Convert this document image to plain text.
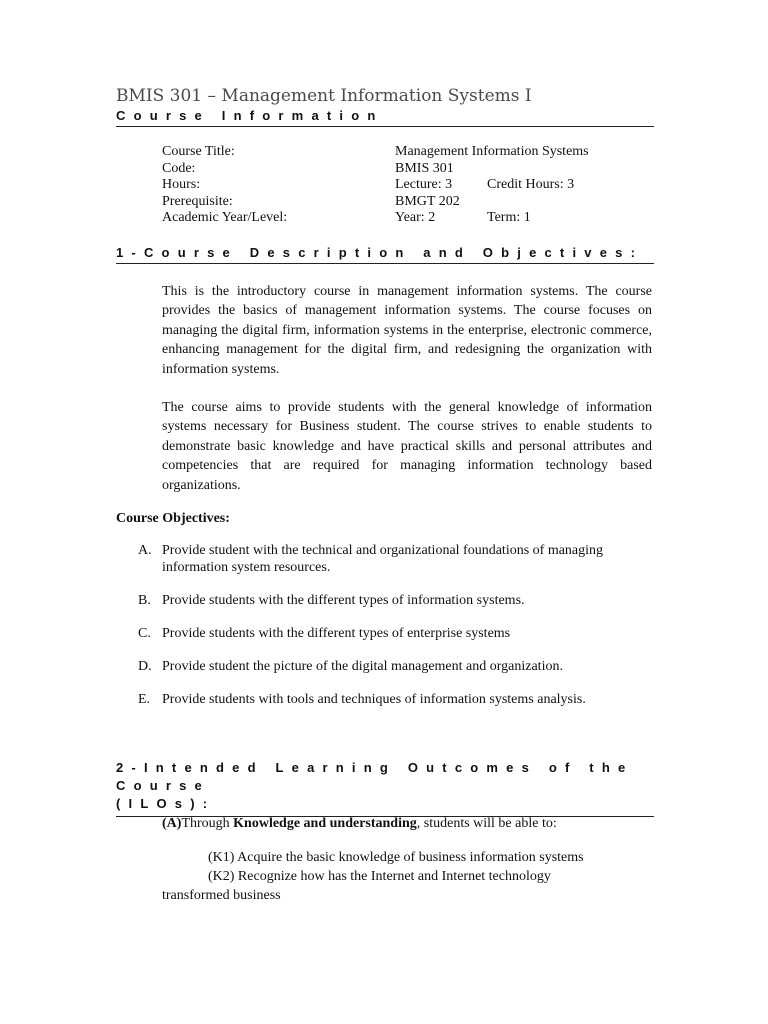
BMIS 301 – Management Information Systems I
Course Information
Course Title:	Management Information Systems
Code:	BMIS 301
Hours:	Lecture: 3 Credit Hours: 3
Prerequisite:	BMGT 202
Academic Year/Level:	Year: 2	Term: 1
1-Course Description and Objectives:
This is the introductory course in management information systems. The course provides the basics of management information systems. The course focuses on managing the digital firm, information systems in the enterprise, electronic commerce, enhancing management for the digital firm, and redesigning the organization with information systems.
The course aims to provide students with the general knowledge of information systems necessary for Business student. The course strives to enable students to demonstrate basic knowledge and have practical skills and personal attributes and competencies that are required for managing information technology based organizations.
Course Objectives:
A. Provide student with the technical and organizational foundations of managing information system resources.
B. Provide students with the different types of information systems.
C. Provide students with the different types of enterprise systems
D. Provide student the picture of the digital management and organization.
E. Provide students with tools and techniques of information systems analysis.
2-Intended Learning Outcomes of the Course
(ILOs):
(A)Through Knowledge and understanding, students will be able to:
(K1) Acquire the basic knowledge of business information systems
(K2) Recognize how has the Internet and Internet technology
transformed business
